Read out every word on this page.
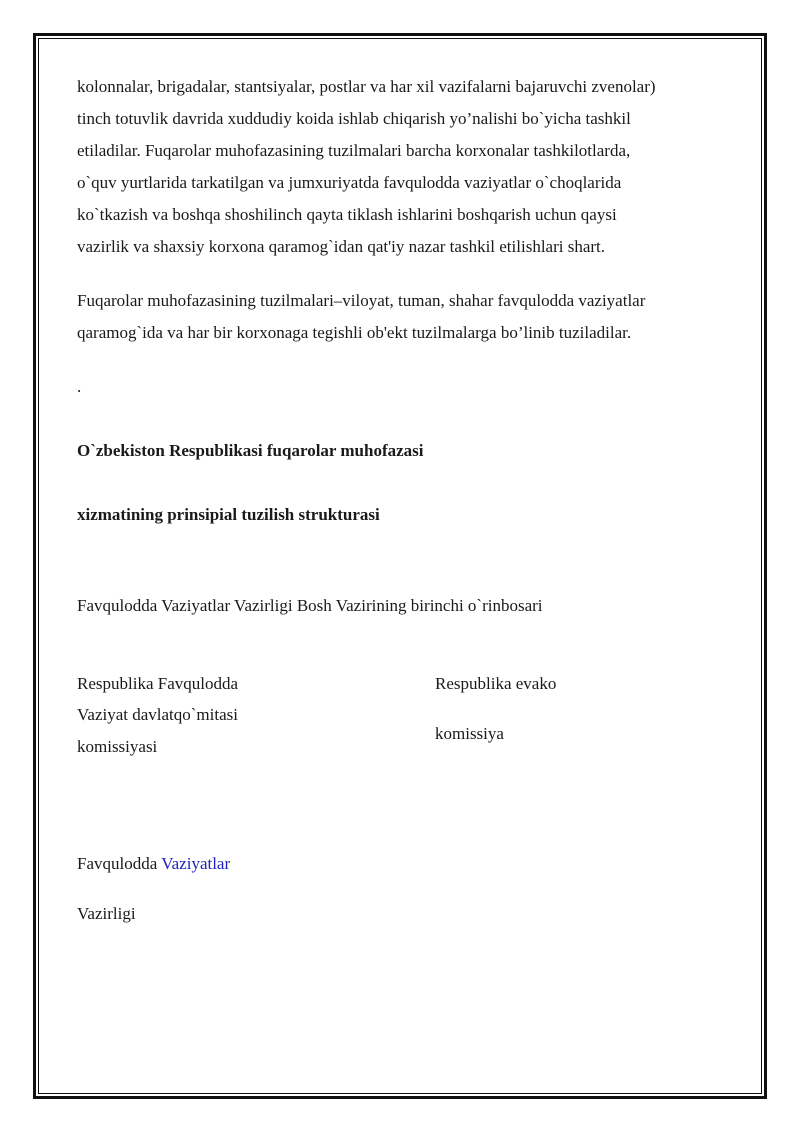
kolonnalar, brigadalar, stantsiyalar, postlar va har xil vazifalarni bajaruvchi zvenolar)
tinch totuvlik davrida xuddudiy koida ishlab chiqarish yo’nalishi bo`yicha tashkil
etiladilar. Fuqarolar muhofazasining tuzilmalari barcha korxonalar tashkilotlarda,
o`quv yurtlarida tarkatilgan va jumxuriyatda favqulodda vaziyatlar o`choqlarida
ko`tkazish va boshqa shoshilinch qayta tiklash ishlarini boshqarish uchun qaysi
vazirlik va shaxsiy korxona qaramog`idan qat'iy nazar tashkil etilishlari shart.
Fuqarolar muhofazasining tuzilmalari–viloyat, tuman, shahar favqulodda vaziyatlar
qaramog`ida va har bir korxonaga tegishli ob'ekt tuzilmalarga bo’linib tuziladilar.
.
O`zbekiston Respublikasi fuqarolar muhofazasi
xizmatining prinsipial tuzilish strukturasi
Favqulodda Vaziyatlar Vazirligi Bosh Vazirining birinchi o`rinbosari
Respublika Favqulodda
Vaziyat davlatqo`mitasi
komissiyasi
Respublika evako
komissiya
Favqulodda Vaziyatlar
Vazirligi
